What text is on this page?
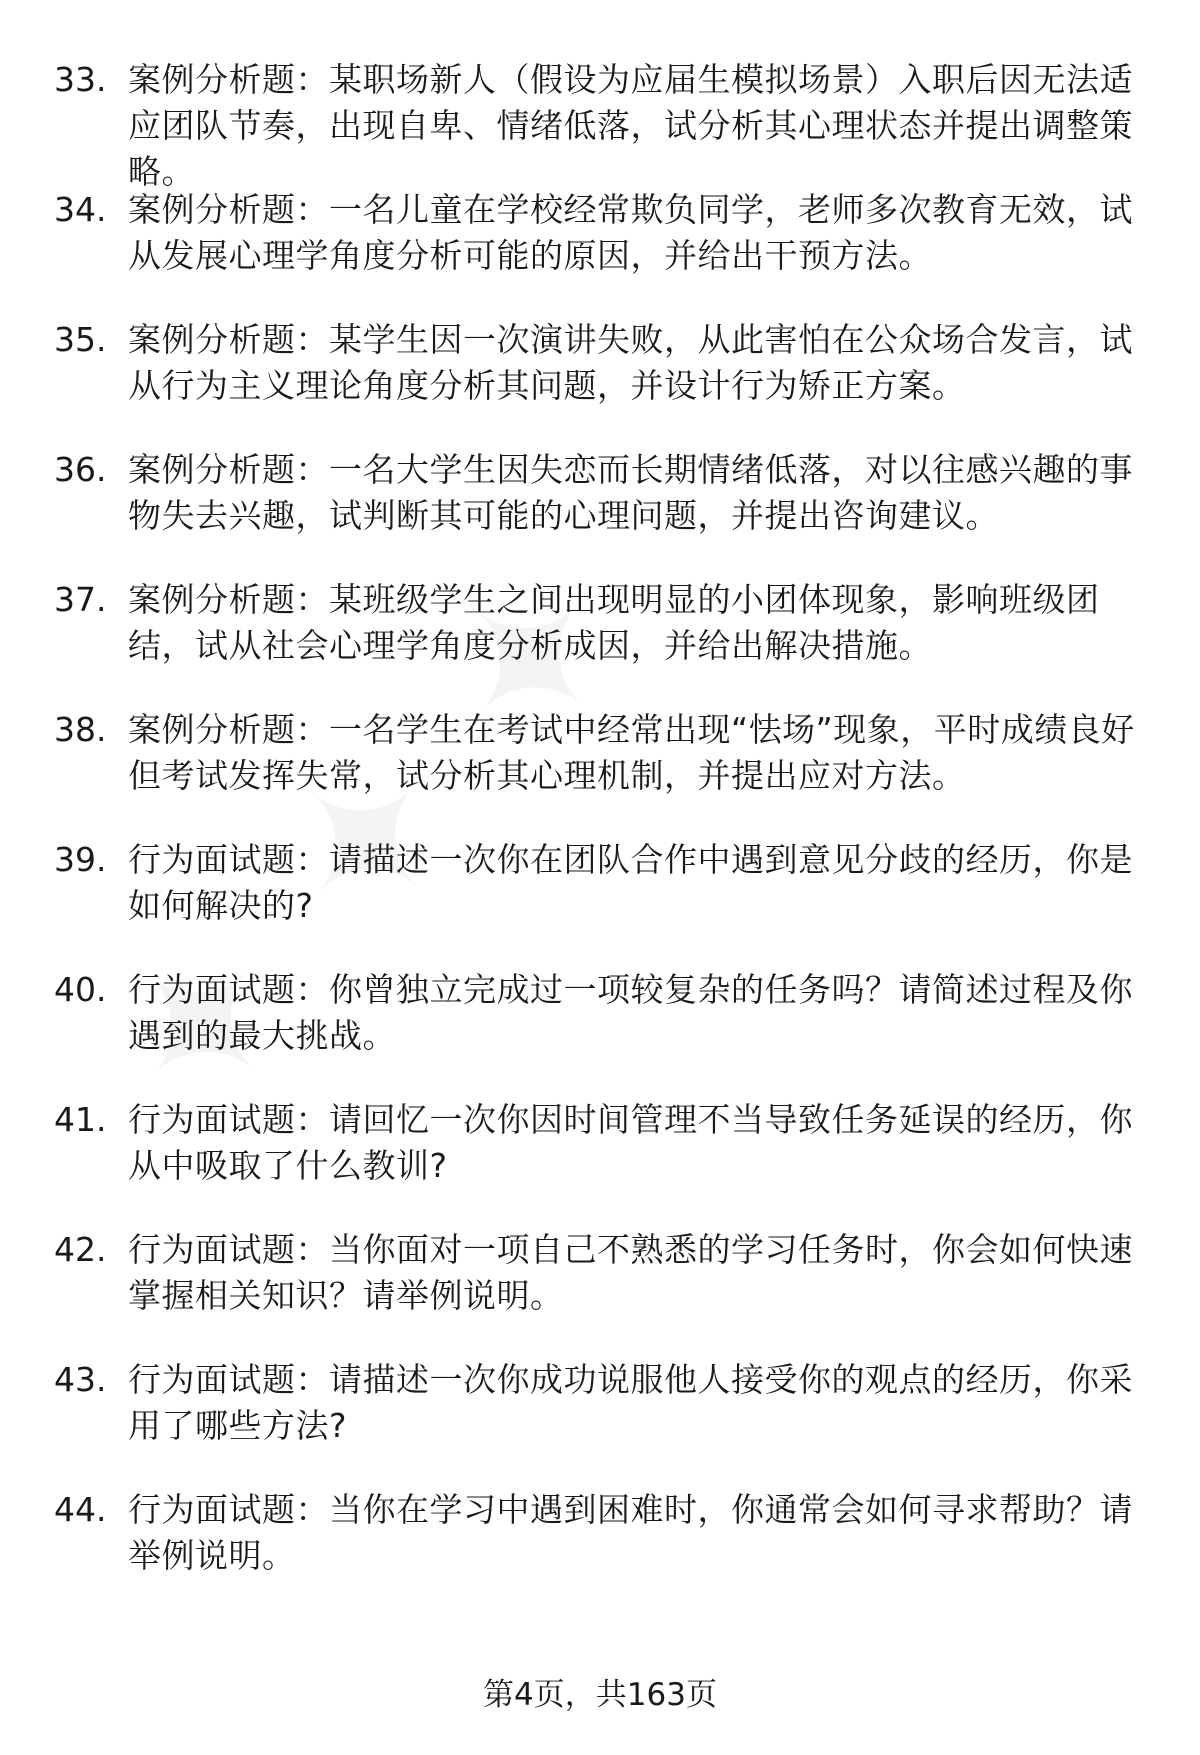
33. 案例分析题：某职场新人（假设为应届生模拟场景）入职后因无法适应团队节奏，出现自卑、情绪低落，试分析其心理状态并提出调整策略。
34. 案例分析题：一名儿童在学校经常欺负同学，老师多次教育无效，试从发展心理学角度分析可能的原因，并给出干预方法。
35. 案例分析题：某学生因一次演讲失败，从此害怕在公众场合发言，试从行为主义理论角度分析其问题，并设计行为矫正方案。
36. 案例分析题：一名大学生因失恋而长期情绪低落，对以往感兴趣的事物失去兴趣，试判断其可能的心理问题，并提出咨询建议。
37. 案例分析题：某班级学生之间出现明显的小团体现象，影响班级团结，试从社会心理学角度分析成因，并给出解决措施。
38. 案例分析题：一名学生在考试中经常出现“怯场”现象，平时成绩良好但考试发挥失常，试分析其心理机制，并提出应对方法。
39. 行为面试题：请描述一次你在团队合作中遇到意见分歧的经历，你是如何解决的?
40. 行为面试题：你曾独立完成过一项较复杂的任务吗？请简述过程及你遇到的最大挑战。
41. 行为面试题：请回忆一次你因时间管理不当导致任务延误的经历，你从中吸取了什么教训?
42. 行为面试题：当你面对一项自己不熟悉的学习任务时，你会如何快速掌握相关知识？请举例说明。
43. 行为面试题：请描述一次你成功说服他人接受你的观点的经历，你采用了哪些方法?
44. 行为面试题：当你在学习中遇到困难时，你通常会如何寻求帮助？请举例说明。
第4页，共163页
